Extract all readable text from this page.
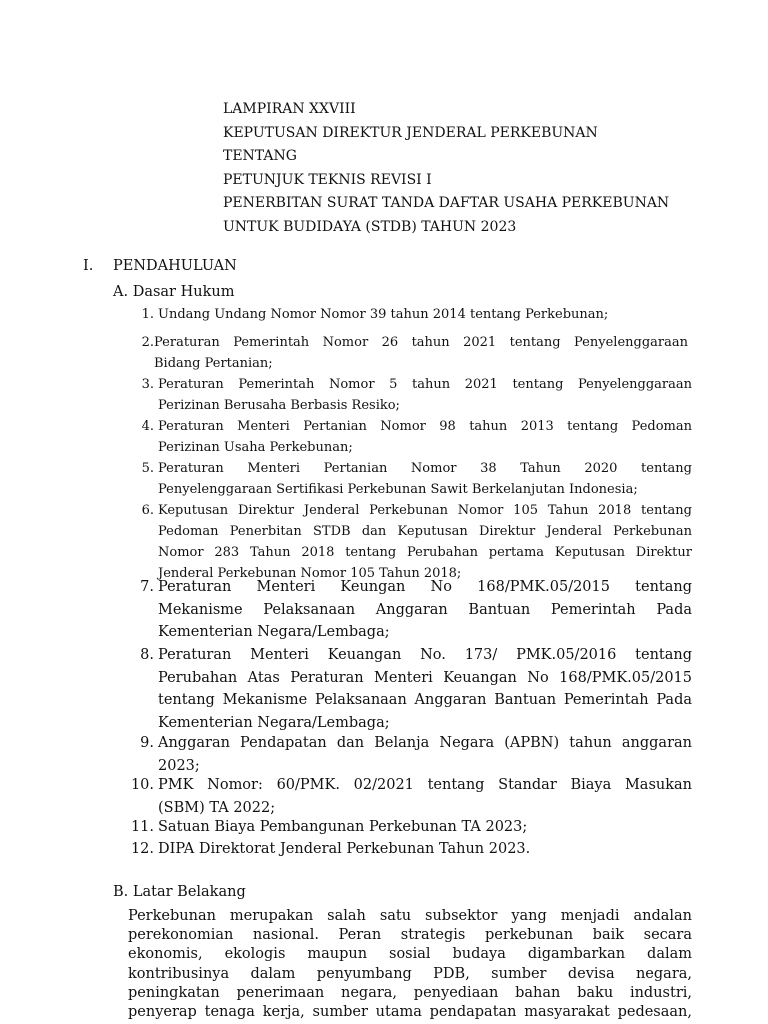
LAMPIRAN XXVIII
KEPUTUSAN DIREKTUR JENDERAL PERKEBUNAN
TENTANG
PETUNJUK TEKNIS REVISI I
PENERBITAN SURAT TANDA DAFTAR USAHA PERKEBUNAN
UNTUK BUDIDAYA (STDB) TAHUN 2023
I. PENDAHULUAN
A. Dasar Hukum
1. Undang Undang Nomor Nomor 39 tahun 2014 tentang Perkebunan;
2. Peraturan Pemerintah Nomor 26 tahun 2021 tentang Penyelenggaraan
Bidang Pertanian;
3. Peraturan Pemerintah Nomor 5 tahun 2021 tentang Penyelenggaraan
Perizinan Berusaha Berbasis Resiko;
4. Peraturan Menteri Pertanian Nomor 98 tahun 2013 tentang Pedoman
Perizinan Usaha Perkebunan;
5. Peraturan Menteri Pertanian Nomor 38 Tahun 2020 tentang
Penyelenggaraan Sertifikasi Perkebunan Sawit Berkelanjutan Indonesia;
6. Keputusan Direktur Jenderal Perkebunan Nomor 105 Tahun 2018 tentang
Pedoman Penerbitan STDB dan Keputusan Direktur Jenderal Perkebunan
Nomor 283 Tahun 2018 tentang Perubahan pertama Keputusan Direktur
Jenderal Perkebunan Nomor 105 Tahun 2018;
7. Peraturan Menteri Keungan No 168/PMK.05/2015 tentang
Mekanisme Pelaksanaan Anggaran Bantuan Pemerintah Pada
Kementerian Negara/Lembaga;
8. Peraturan Menteri Keuangan No. 173/ PMK.05/2016 tentang
Perubahan Atas Peraturan Menteri Keuangan No 168/PMK.05/2015
tentang Mekanisme Pelaksanaan Anggaran Bantuan Pemerintah Pada
Kementerian Negara/Lembaga;
9. Anggaran Pendapatan dan Belanja Negara (APBN) tahun anggaran
2023;
10. PMK Nomor: 60/PMK. 02/2021 tentang Standar Biaya Masukan
(SBM) TA 2022;
11. Satuan Biaya Pembangunan Perkebunan TA 2023;
12. DIPA Direktorat Jenderal Perkebunan Tahun 2023.
B. Latar Belakang
Perkebunan merupakan salah satu subsektor yang menjadi andalan
perekonomian nasional. Peran strategis perkebunan baik secara
ekonomis, ekologis maupun sosial budaya digambarkan dalam
kontribusinya dalam penyumbang PDB, sumber devisa negara,
peningkatan penerimaan negara, penyediaan bahan baku industri,
penyerap tenaga kerja, sumber utama pendapatan masyarakat pedesaan,
